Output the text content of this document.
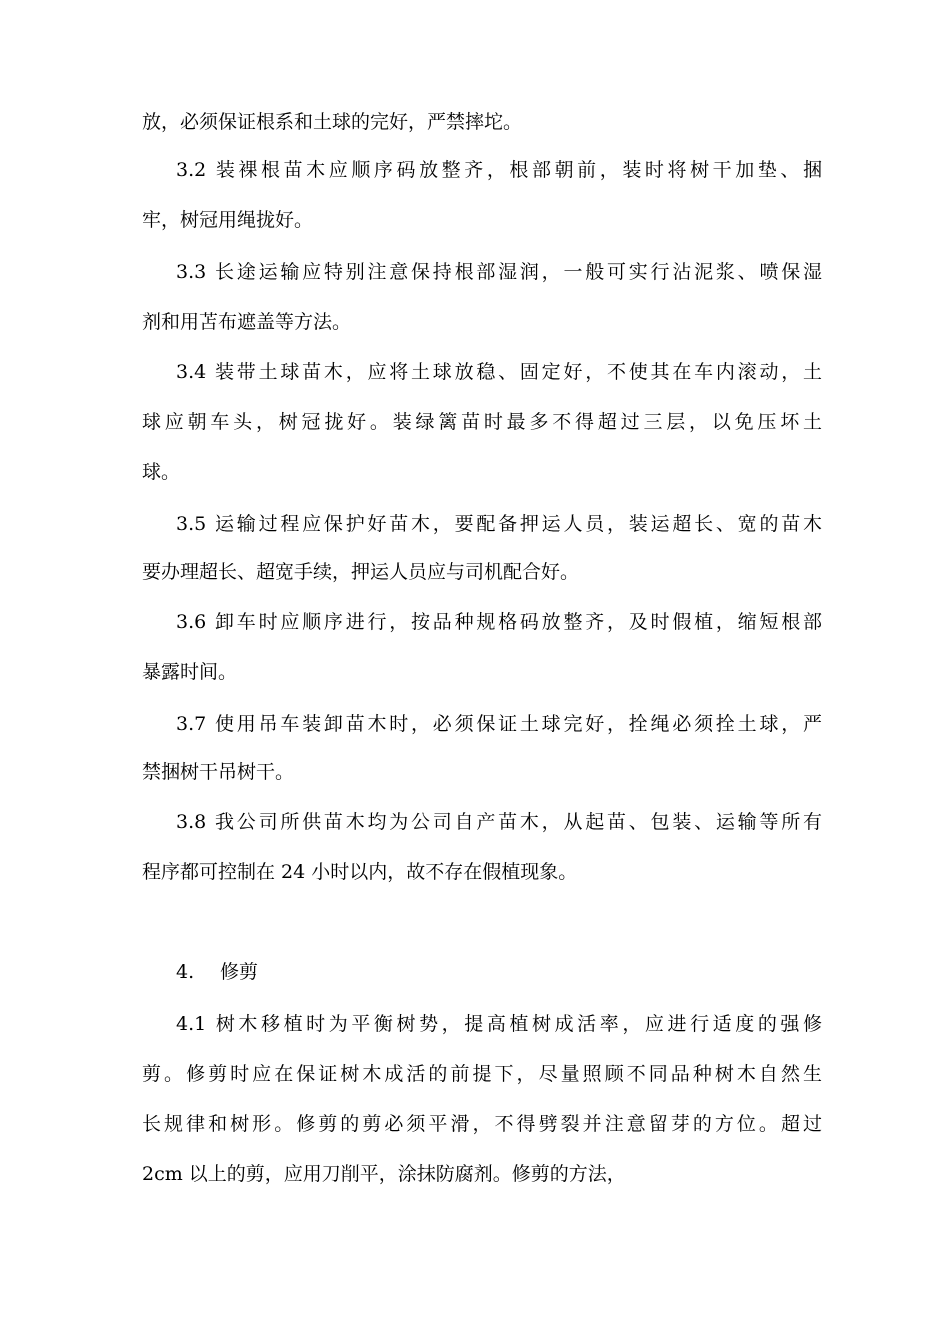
放，必须保证根系和土球的完好，严禁摔坨。
3.2 装裸根苗木应顺序码放整齐，根部朝前，装时将树干加垫、捆
牢，树冠用绳拢好。
3.3 长途运输应特别注意保持根部湿润，一般可实行沾泥浆、喷保湿
剂和用苫布遮盖等方法。
3.4 装带土球苗木，应将土球放稳、固定好，不使其在车内滚动，土
球应朝车头，树冠拢好。装绿篱苗时最多不得超过三层，以免压坏土
球。
3.5 运输过程应保护好苗木，要配备押运人员，装运超长、宽的苗木
要办理超长、超宽手续，押运人员应与司机配合好。
3.6 卸车时应顺序进行，按品种规格码放整齐，及时假植，缩短根部
暴露时间。
3.7 使用吊车装卸苗木时，必须保证土球完好，拴绳必须拴土球，严
禁捆树干吊树干。
3.8 我公司所供苗木均为公司自产苗木，从起苗、包装、运输等所有
程序都可控制在 24 小时以内，故不存在假植现象。
4. 修剪
4.1 树木移植时为平衡树势，提高植树成活率，应进行适度的强修
剪。修剪时应在保证树木成活的前提下，尽量照顾不同品种树木自然生
长规律和树形。修剪的剪必须平滑，不得劈裂并注意留芽的方位。超过
2cm 以上的剪，应用刀削平，涂抹防腐剂。修剪的方法，
